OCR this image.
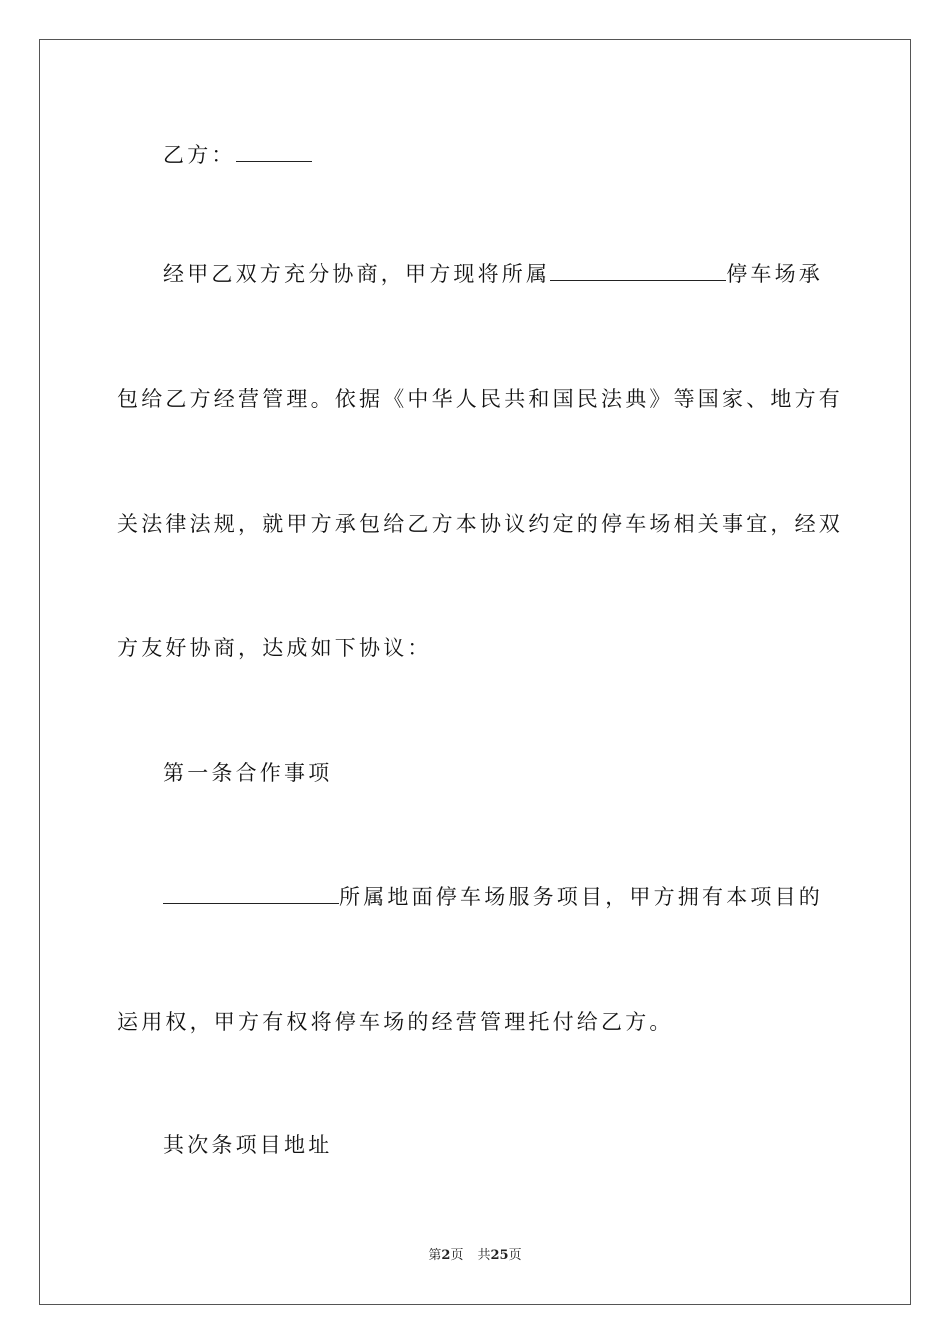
乙方：
经甲乙双方充分协商，甲方现将所属	停车场承
包给乙方经营管理。依据《中华人民共和国民法典》等国家、地方有
关法律法规，就甲方承包给乙方本协议约定的停车场相关事宜，经双
方友好协商，达成如下协议：
第一条合作事项
所属地面停车场服务项目，甲方拥有本项目的
运用权，甲方有权将停车场的经营管理托付给乙方。
其次条项目地址
第2页 共25页
